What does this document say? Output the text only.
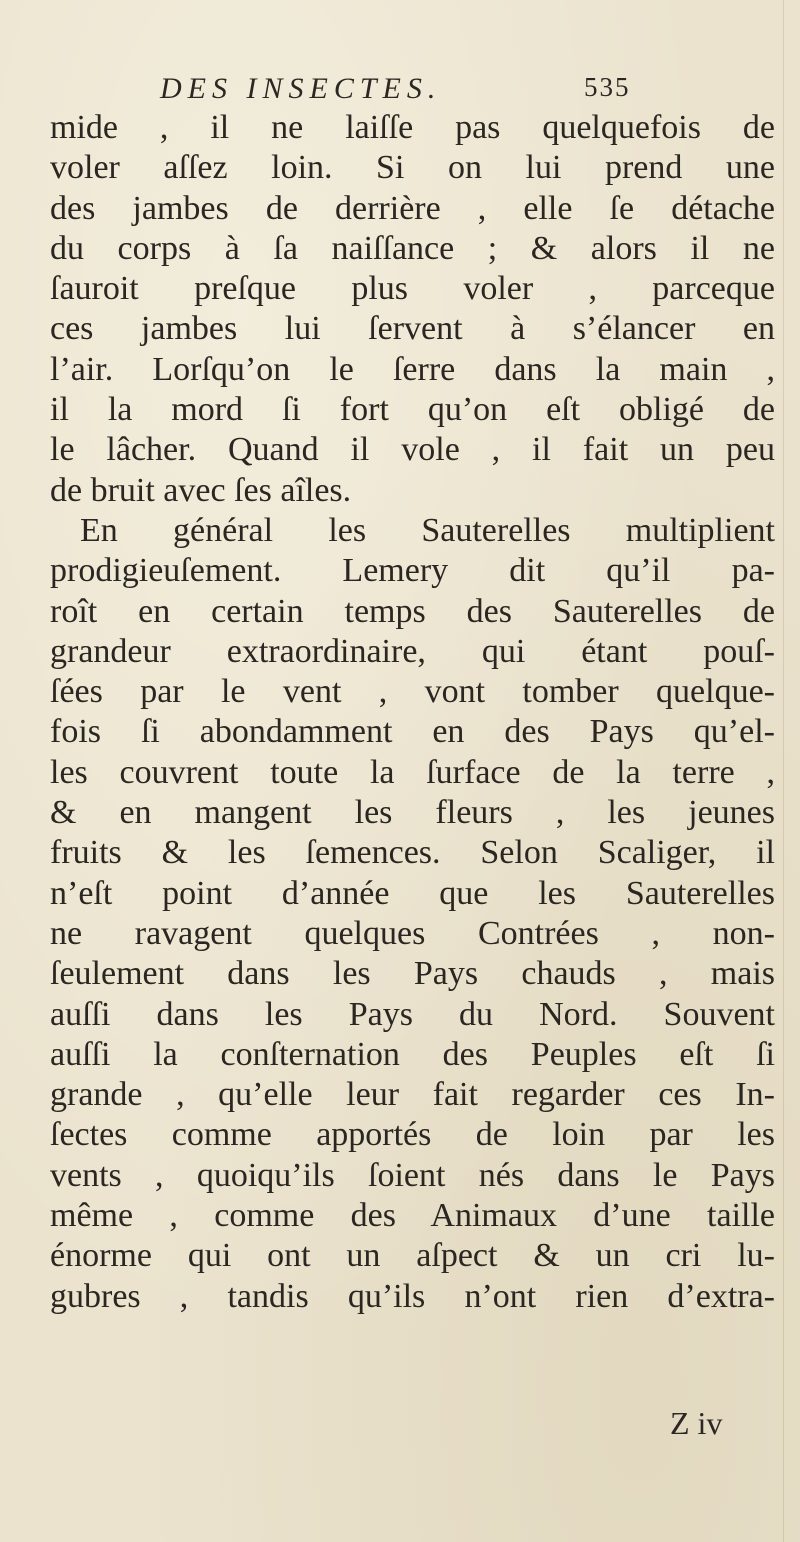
DES INSECTES.	535
mide , il ne laiſſe pas quelquefois de
voler aſſez loin. Si on lui prend une
des jambes de derrière , elle ſe détache
du corps à ſa naiſſance ; & alors il ne
ſauroit preſque plus voler , parceque
ces jambes lui ſervent à s’élancer en
l’air. Lorſqu’on le ſerre dans la main ,
il la mord ſi fort qu’on eſt obligé de
le lâcher. Quand il vole , il fait un peu
de bruit avec ſes aîles.
En général les Sauterelles multiplient
prodigieuſement. Lemery dit qu’il pa-
roît en certain temps des Sauterelles de
grandeur extraordinaire, qui étant pouſ-
ſées par le vent , vont tomber quelque-
fois ſi abondamment en des Pays qu’el-
les couvrent toute la ſurface de la terre ,
& en mangent les fleurs , les jeunes
fruits & les ſemences. Selon Scaliger, il
n’eſt point d’année que les Sauterelles
ne ravagent quelques Contrées , non-
ſeulement dans les Pays chauds , mais
auſſi dans les Pays du Nord. Souvent
auſſi la conſternation des Peuples eſt ſi
grande , qu’elle leur fait regarder ces In-
ſectes comme apportés de loin par les
vents , quoiqu’ils ſoient nés dans le Pays
même , comme des Animaux d’une taille
énorme qui ont un aſpect & un cri lu-
gubres , tandis qu’ils n’ont rien d’extra-
Z iv
